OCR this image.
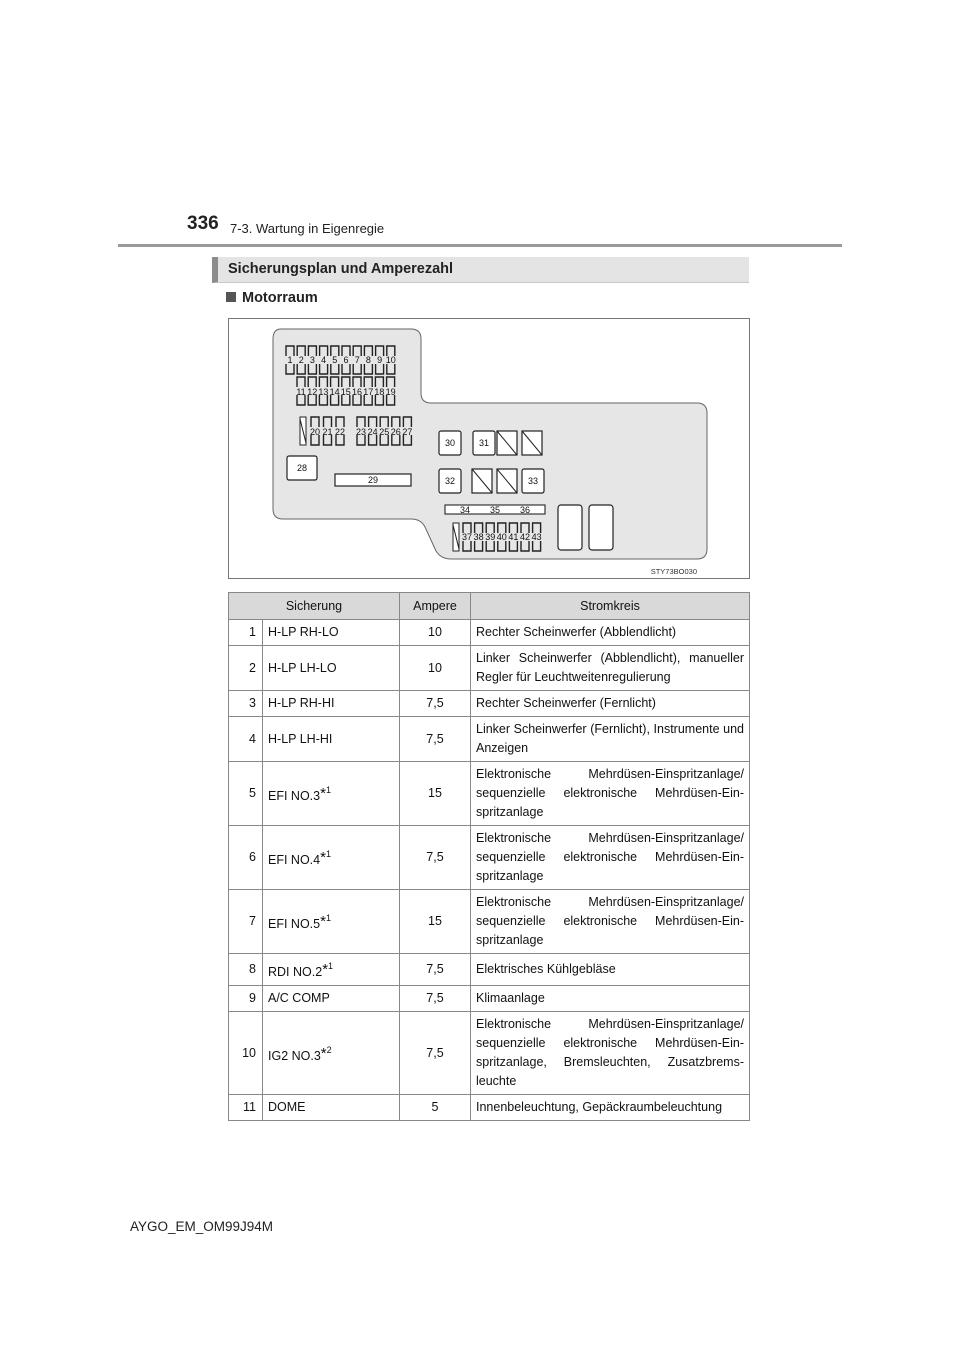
336 7-3. Wartung in Eigenregie
Sicherungsplan und Amperezahl
Motorraum
1 2 3 4 5 6 7 8 9 10
11 12 13 14 15 16 17 18 19
20 21 22 23 24 25 26 27
28
29
30	31
32	33
34 35 36
37 38 39 40 41 42 43
STY73BO030
Sicherung		Ampere	Stromkreis
1	H-LP RH-LO	10	Rechter Scheinwerfer (Abblendlicht)
2	H-LP LH-LO	10	Linker Scheinwerfer (Abblendlicht), manueller Regler für Leuchtweitenregulierung
3	H-LP RH-HI	7,5	Rechter Scheinwerfer (Fernlicht)
4	H-LP LH-HI	7,5	Linker Scheinwerfer (Fernlicht), Instrumente und Anzeigen
5	EFI NO.3*$^1$	15	Elektronische Mehrdüsen-Einspritzanlage/ sequenzielle elektronische Mehrdüsen-Ein-spritzanlage
6	EFI NO.4*$^1$	7,5	Elektronische Mehrdüsen-Einspritzanlage/ sequenzielle elektronische Mehrdüsen-Ein-spritzanlage
7	EFI NO.5*$^1$	15	Elektronische Mehrdüsen-Einspritzanlage/ sequenzielle elektronische Mehrdüsen-Ein-spritzanlage
8	RDI NO.2*$^1$	7,5	Elektrisches Kühlgebläse
9	A/C COMP	7,5	Klimaanlage
10	IG2 NO.3*$^2$	7,5	Elektronische Mehrdüsen-Einspritzanlage/ sequenzielle elektronische Mehrdüsen-Ein-spritzanlage, Bremsleuchten, Zusatzbrems-leuchte
11	DOME	5	Innenbeleuchtung, Gepäckraumbeleuchtung
AYGO_EM_OM99J94M
